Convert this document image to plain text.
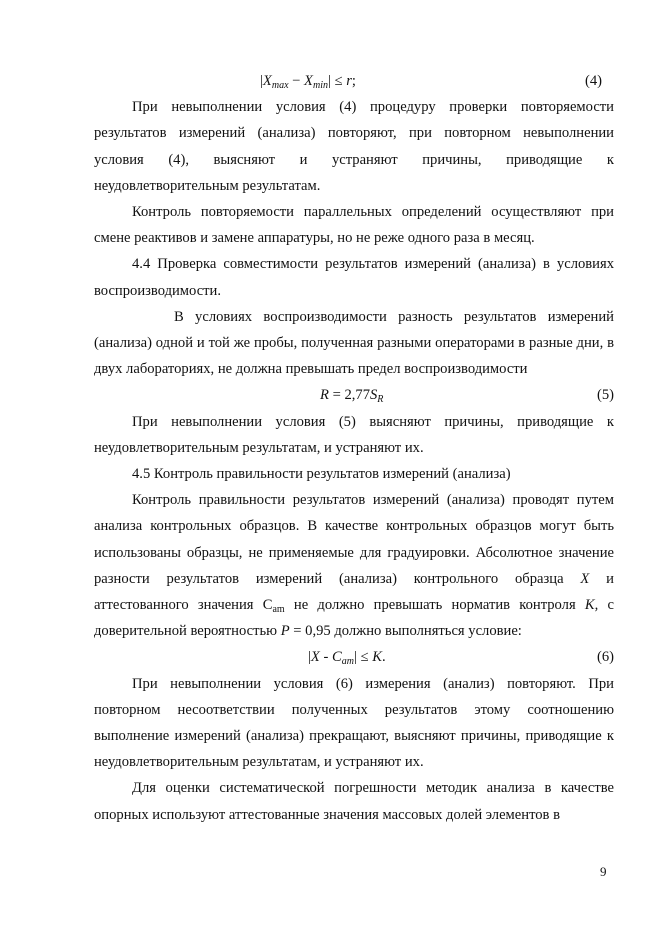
$|X_{max} - X_{min}| \le r$;	(4)

При невыполнении условия (4) процедуру проверки повторяемости результатов измерений (анализа) повторяют, при повторном невыполнении условия (4), выясняют и устраняют причины, приводящие к неудовлетворительным результатам.

Контроль повторяемости параллельных определений осуществляют при смене реактивов и замене аппаратуры, но не реже одного раза в месяц.

4.4 Проверка совместимости результатов измерений (анализа) в условиях воспроизводимости.

В условиях воспроизводимости разность результатов измерений (анализа) одной и той же пробы, полученная разными операторами в разные дни, в двух лабораториях, не должна превышать предел воспроизводимости

$R = 2,77S_R$	(5)

При невыполнении условия (5) выясняют причины, приводящие к неудовлетворительным результатам, и устраняют их.

4.5 Контроль правильности результатов измерений (анализа)

Контроль правильности результатов измерений (анализа) проводят путем анализа контрольных образцов. В качестве контрольных образцов могут быть использованы образцы, не применяемые для градуировки. Абсолютное значение разности результатов измерений (анализа) контрольного образца X и аттестованного значения $С_{am}$ не должно превышать норматив контроля K, с доверительной вероятностью P = 0,95 должно выполняться условие:

$|X - C_{am}| \le K$.	(6)

При невыполнении условия (6) измерения (анализ) повторяют. При повторном несоответствии полученных результатов этому соотношению выполнение измерений (анализа) прекращают, выясняют причины, приводящие к неудовлетворительным результатам, и устраняют их.

Для оценки систематической погрешности методик анализа в качестве опорных используют аттестованные значения массовых долей элементов в

9
